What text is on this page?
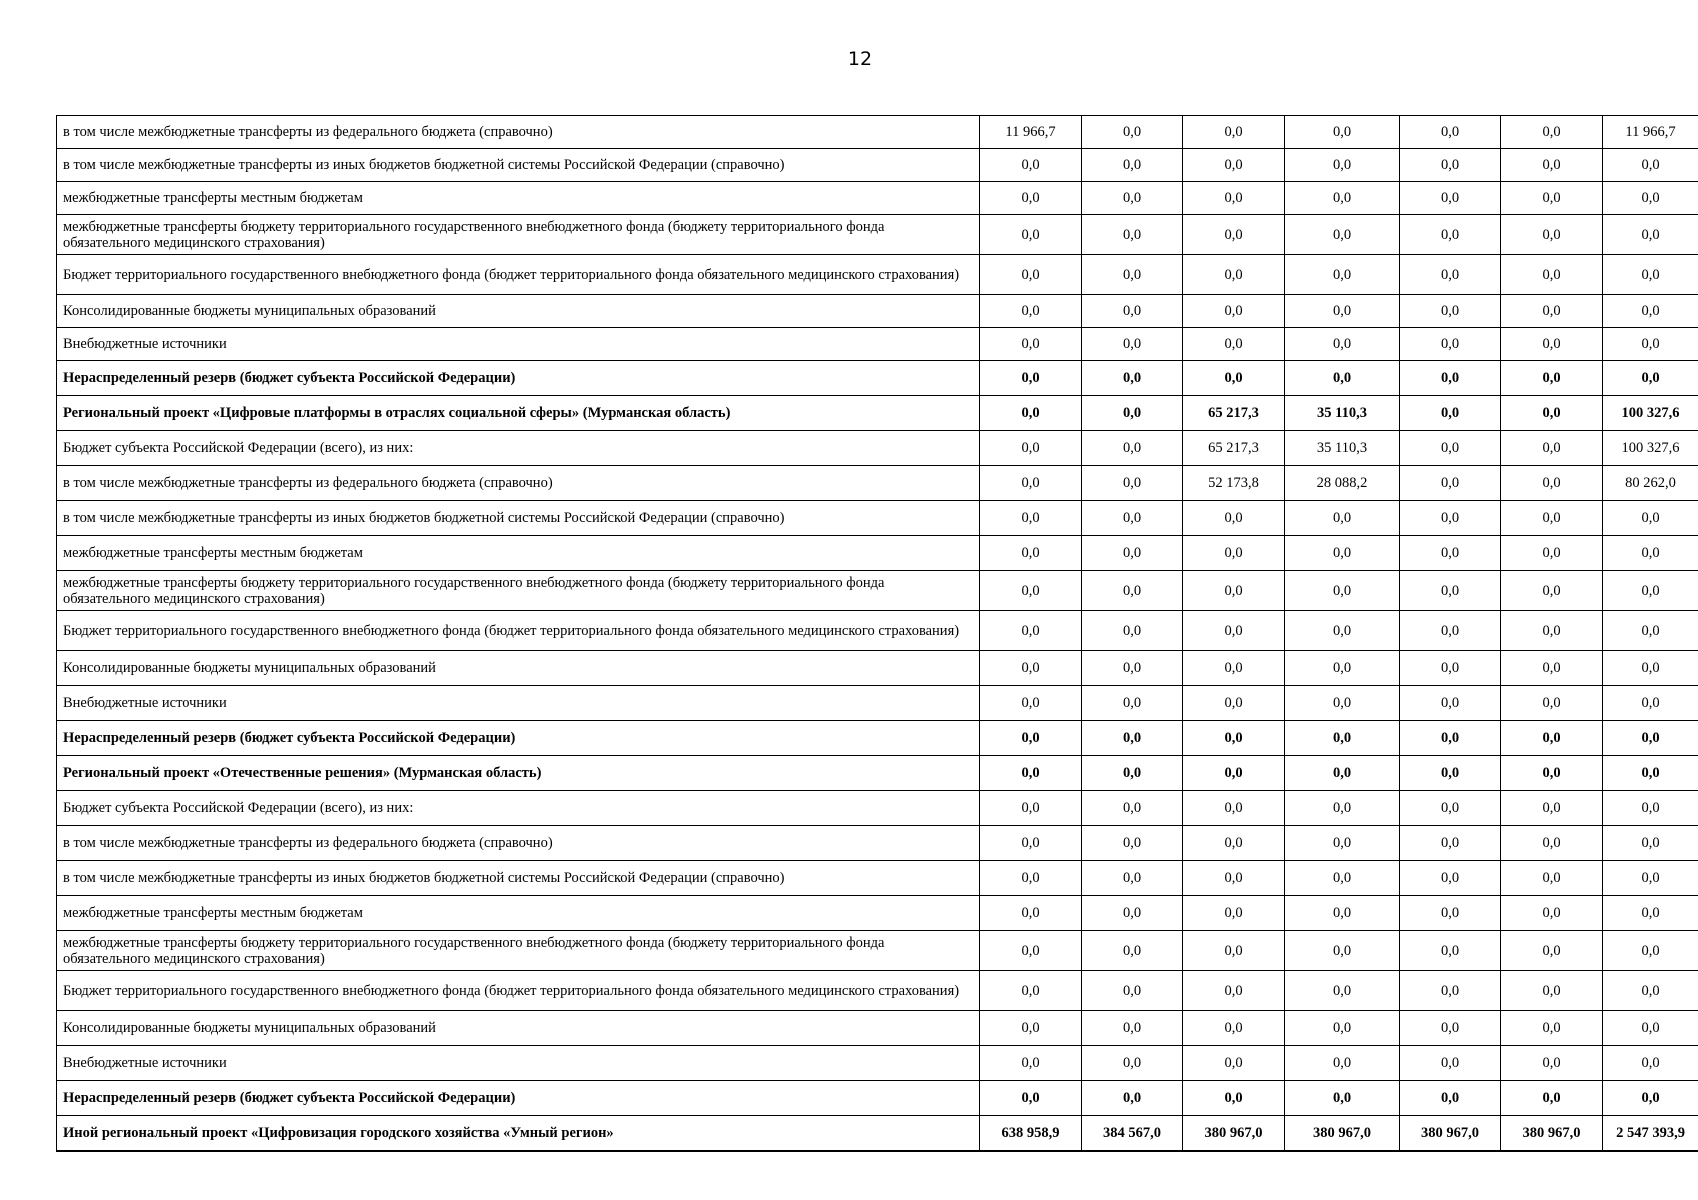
12
в том числе межбюджетные трансферты из федерального бюджета (справочно)	11 966,7	0,0	0,0	0,0	0,0	0,0	11 966,7
в том числе межбюджетные трансферты из иных бюджетов бюджетной системы Российской Федерации (справочно)	0,0	0,0	0,0	0,0	0,0	0,0	0,0
межбюджетные трансферты местным бюджетам	0,0	0,0	0,0	0,0	0,0	0,0	0,0
межбюджетные трансферты бюджету территориального государственного внебюджетного фонда (бюджету территориального фонда обязательного медицинского страхования)	0,0	0,0	0,0	0,0	0,0	0,0	0,0
Бюджет территориального государственного внебюджетного фонда (бюджет территориального фонда обязательного медицинского страхования)	0,0	0,0	0,0	0,0	0,0	0,0	0,0
Консолидированные бюджеты муниципальных образований	0,0	0,0	0,0	0,0	0,0	0,0	0,0
Внебюджетные источники	0,0	0,0	0,0	0,0	0,0	0,0	0,0
Нераспределенный резерв (бюджет субъекта Российской Федерации)	0,0	0,0	0,0	0,0	0,0	0,0	0,0
Региональный проект «Цифровые платформы в отраслях социальной сферы» (Мурманская область)	0,0	0,0	65 217,3	35 110,3	0,0	0,0	100 327,6
Бюджет субъекта Российской Федерации (всего), из них:	0,0	0,0	65 217,3	35 110,3	0,0	0,0	100 327,6
в том числе межбюджетные трансферты из федерального бюджета (справочно)	0,0	0,0	52 173,8	28 088,2	0,0	0,0	80 262,0
в том числе межбюджетные трансферты из иных бюджетов бюджетной системы Российской Федерации (справочно)	0,0	0,0	0,0	0,0	0,0	0,0	0,0
межбюджетные трансферты местным бюджетам	0,0	0,0	0,0	0,0	0,0	0,0	0,0
межбюджетные трансферты бюджету территориального государственного внебюджетного фонда (бюджету территориального фонда обязательного медицинского страхования)	0,0	0,0	0,0	0,0	0,0	0,0	0,0
Бюджет территориального государственного внебюджетного фонда (бюджет территориального фонда обязательного медицинского страхования)	0,0	0,0	0,0	0,0	0,0	0,0	0,0
Консолидированные бюджеты муниципальных образований	0,0	0,0	0,0	0,0	0,0	0,0	0,0
Внебюджетные источники	0,0	0,0	0,0	0,0	0,0	0,0	0,0
Нераспределенный резерв (бюджет субъекта Российской Федерации)	0,0	0,0	0,0	0,0	0,0	0,0	0,0
Региональный проект «Отечественные решения» (Мурманская область)	0,0	0,0	0,0	0,0	0,0	0,0	0,0
Бюджет субъекта Российской Федерации (всего), из них:	0,0	0,0	0,0	0,0	0,0	0,0	0,0
в том числе межбюджетные трансферты из федерального бюджета (справочно)	0,0	0,0	0,0	0,0	0,0	0,0	0,0
в том числе межбюджетные трансферты из иных бюджетов бюджетной системы Российской Федерации (справочно)	0,0	0,0	0,0	0,0	0,0	0,0	0,0
межбюджетные трансферты местным бюджетам	0,0	0,0	0,0	0,0	0,0	0,0	0,0
межбюджетные трансферты бюджету территориального государственного внебюджетного фонда (бюджету территориального фонда обязательного медицинского страхования)	0,0	0,0	0,0	0,0	0,0	0,0	0,0
Бюджет территориального государственного внебюджетного фонда (бюджет территориального фонда обязательного медицинского страхования)	0,0	0,0	0,0	0,0	0,0	0,0	0,0
Консолидированные бюджеты муниципальных образований	0,0	0,0	0,0	0,0	0,0	0,0	0,0
Внебюджетные источники	0,0	0,0	0,0	0,0	0,0	0,0	0,0
Нераспределенный резерв (бюджет субъекта Российской Федерации)	0,0	0,0	0,0	0,0	0,0	0,0	0,0
Иной региональный проект «Цифровизация городского хозяйства «Умный регион»	638 958,9	384 567,0	380 967,0	380 967,0	380 967,0	380 967,0	2 547 393,9
